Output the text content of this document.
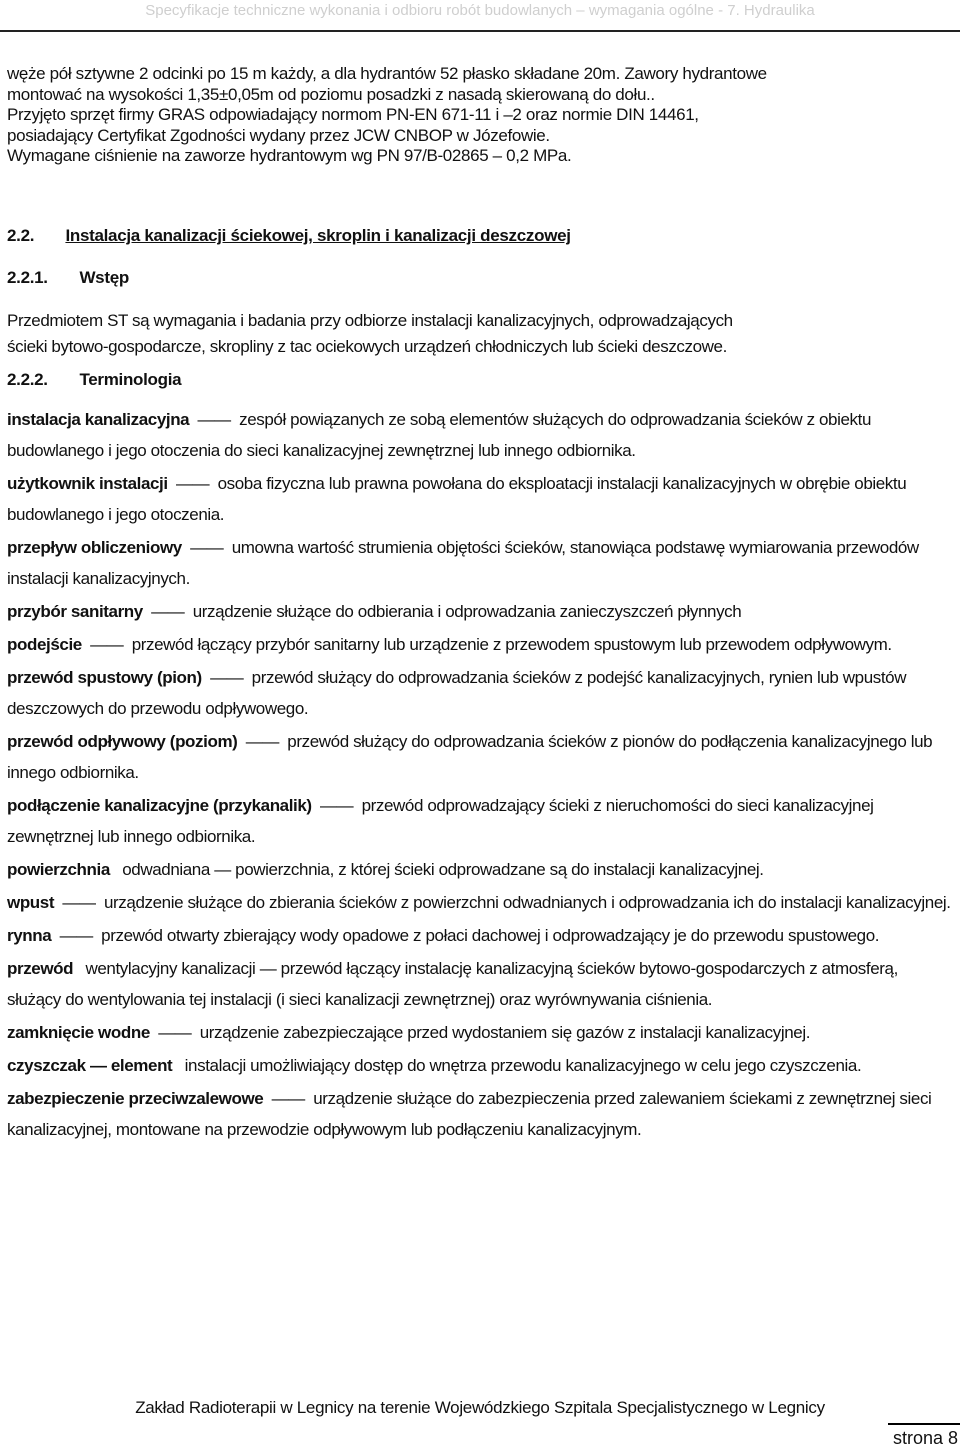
Specyfikacje techniczne wykonania i odbioru robót budowlanych – wymagania ogólne - 7. Hydraulika

węże pół sztywne 2 odcinki po 15 m każdy, a dla hydrantów 52 płasko składane 20m. Zawory hydrantowe

montować na wysokości 1,35±0,05m od poziomu posadzki z nasadą skierowaną do dołu..

Przyjęto sprzęt firmy GRAS odpowiadający normom PN-EN 671-11 i –2 oraz normie DIN 14461,

posiadający Certyfikat Zgodności wydany przez JCW CNBOP w Józefowie.

Wymagane ciśnienie na zaworze hydrantowym wg PN 97/B-02865 – 0,2 MPa.

2.2. Instalacja kanalizacji ściekowej, skroplin i kanalizacji deszczowej
2.2.1. Wstęp
Przedmiotem ST są wymagania i badania przy odbiorze instalacji kanalizacyjnych, odprowadzających
ścieki bytowo-gospodarcze, skropliny z tac ociekowych urządzeń chłodniczych lub ścieki deszczowe.
2.2.2. Terminologia

instalacja kanalizacyjna —— zespół powiązanych ze sobą elementów służących do odprowadzania ścieków z obiektu budowlanego i jego otoczenia do sieci kanalizacyjnej zewnętrznej lub innego odbiornika.

użytkownik instalacji —— osoba fizyczna lub prawna powołana do eksploatacji instalacji kanalizacyjnych w obrębie obiektu budowlanego i jego otoczenia.

przepływ obliczeniowy —— umowna wartość strumienia objętości ścieków, stanowiąca podstawę wymiarowania przewodów instalacji kanalizacyjnych.

przybór sanitarny —— urządzenie służące do odbierania i odprowadzania zanieczyszczeń płynnych

podejście —— przewód łączący przybór sanitarny lub urządzenie z przewodem spustowym lub przewodem odpływowym.

przewód spustowy (pion) —— przewód służący do odprowadzania ścieków z podejść kanalizacyjnych, rynien lub wpustów deszczowych do przewodu odpływowego.

przewód odpływowy (poziom) —— przewód służący do odprowadzania ścieków z pionów do podłączenia kanalizacyjnego lub innego odbiornika.

podłączenie kanalizacyjne (przykanalik) —— przewód odprowadzający ścieki z nieruchomości do sieci kanalizacyjnej zewnętrznej lub innego odbiornika.

powierzchnia odwadniana — powierzchnia, z której ścieki odprowadzane są do instalacji kanalizacyjnej.

wpust —— urządzenie służące do zbierania ścieków z powierzchni odwadnianych i odprowadzania ich do instalacji kanalizacyjnej.

rynna —— przewód otwarty zbierający wody opadowe z połaci dachowej i odprowadzający je do przewodu spustowego.

przewód wentylacyjny kanalizacji — przewód łączący instalację kanalizacyjną ścieków bytowo-gospodarczych z atmosferą, służący do wentylowania tej instalacji (i sieci kanalizacji zewnętrznej) oraz wyrównywania ciśnienia.

zamknięcie wodne —— urządzenie zabezpieczające przed wydostaniem się gazów z instalacji kanalizacyjnej.

czyszczak — element instalacji umożliwiający dostęp do wnętrza przewodu kanalizacyjnego w celu jego czyszczenia.

zabezpieczenie przeciwzalewowe —— urządzenie służące do zabezpieczenia przed zalewaniem ściekami z zewnętrznej sieci kanalizacyjnej, montowane na przewodzie odpływowym lub podłączeniu kanalizacyjnym.

Zakład Radioterapii w Legnicy na terenie Wojewódzkiego Szpitala Specjalistycznego w Legnicy
strona 8
